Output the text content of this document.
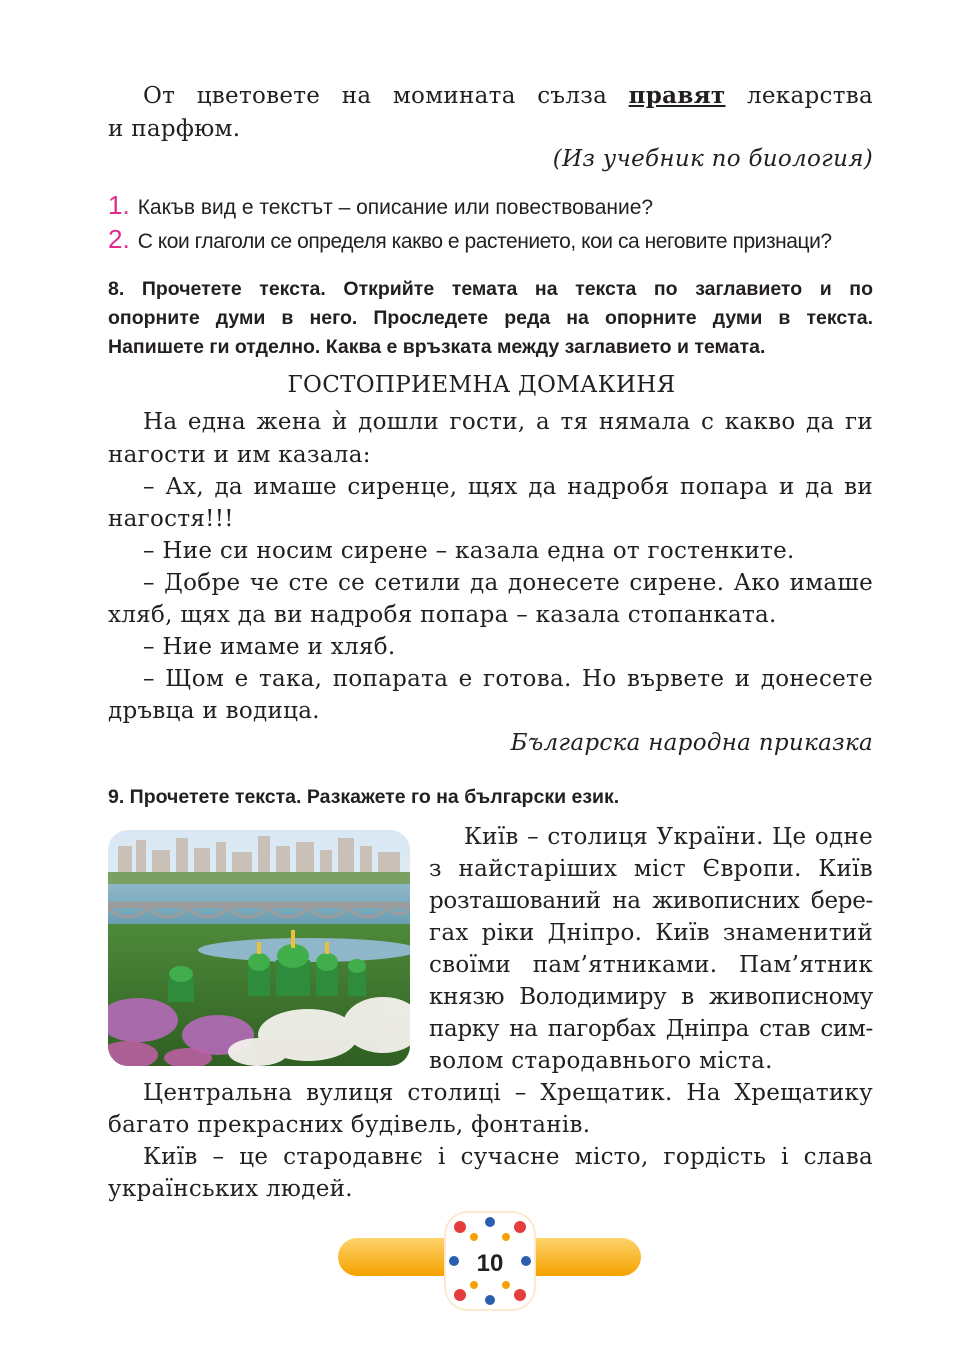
От цветовете на момината сълза правят лекарства
и парфюм.
(Из учебник по биология)
1. Какъв вид е текстът – описание или повествование?
2. С кои глаголи се определя какво е растението, кои са неговите признаци?
8. Прочетете текста. Открийте темата на текста по заглавието и по
опорните думи в него. Проследете реда на опорните думи в текста.
Напишете ги отделно. Каква е връзката между заглавието и темата.
ГОСТОПРИЕМНА ДОМАКИНЯ
На една жена ѝ дошли гости, а тя нямала с какво да ги
нагости и им казала:
– Ах, да имаше сиренце, щях да надробя попара и да ви
нагостя!!!
– Ние си носим сирене – казала една от гостенките.
– Добре че сте се сетили да донесете сирене. Ако имаше
хляб, щях да ви надробя попара – казала стопанката.
– Ние имаме и хляб.
– Щом е така, попарата е готова. Но вървете и донесете
дръвца и водица.
Българска народна приказка
9. Прочетете текста. Разкажете го на български език.
Київ – столиця України. Це одне
з найстаріших міст Європи. Київ
розташований на живописних бере-
гах ріки Дніпро. Київ знаменитий
своїми пам’ятниками. Пам’ятник
князю Володимиру в живописному
парку на пагорбах Дніпра став сим-
волом стародавнього міста.
Центральна вулиця столиці – Хрещатик. На Хрещатику
багато прекрасних будівель, фонтанів.
Київ – це стародавнє і сучасне місто, гордість і слава
українських людей.
10
